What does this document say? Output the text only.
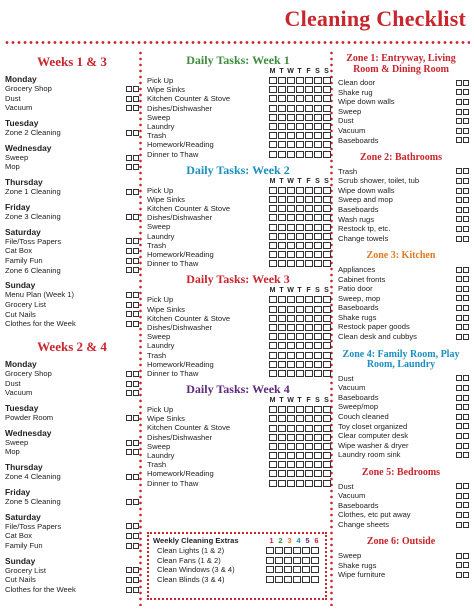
Cleaning Checklist
Weeks 1 & 3
Monday
Grocery Shop
Dust
Vacuum
Tuesday
Zone 2 Cleaning
Wednesday
Sweep
Mop
Thursday
Zone 1 Cleaning
Friday
Zone 3 Cleaning
Saturday
File/Toss Papers
Cat Box
Family Fun
Zone 6 Cleaning
Sunday
Menu Plan (Week 1)
Grocery List
Cut Nails
Clothes for the Week
Weeks 2 & 4
Monday
Grocery Shop
Dust
Vacuum
Tuesday
Powder Room
Wednesday
Sweep
Mop
Thursday
Zone 4 Cleaning
Friday
Zone 5 Cleaning
Saturday
File/Toss Papers
Cat Box
Family Fun
Sunday
Grocery List
Cut Nails
Clothes for the Week
Daily Tasks: Week 1
M T W T F S S
Pick Up
Wipe Sinks
Kitchen Counter & Stove
Dishes/Dishwasher
Sweep
Laundry
Trash
Homework/Reading
Dinner to Thaw
Daily Tasks: Week 2
M T W T F S S
Pick Up
Wipe Sinks
Kitchen Counter & Stove
Dishes/Dishwasher
Sweep
Laundry
Trash
Homework/Reading
Dinner to Thaw
Daily Tasks: Week 3
M T W T F S S
Pick Up
Wipe Sinks
Kitchen Counter & Stove
Dishes/Dishwasher
Sweep
Laundry
Trash
Homework/Reading
Dinner to Thaw
Daily Tasks: Week 4
M T W T F S S
Pick Up
Wipe Sinks
Kitchen Counter & Stove
Dishes/Dishwasher
Sweep
Laundry
Trash
Homework/Reading
Dinner to Thaw
Zone 1: Entryway, Living Room & Dining Room
Clean door
Shake rug
Wipe down walls
Sweep
Dust
Vacuum
Baseboards
Zone 2: Bathrooms
Trash
Scrub shower, toilet, tub
Wipe down walls
Sweep and mop
Baseboards
Wash rugs
Restock tp, etc.
Change towels
Zone 3: Kitchen
Appliances
Cabinet fronts
Patio door
Sweep, mop
Baseboards
Shake rugs
Restock paper goods
Clean desk and cubbys
Zone 4: Family Room, Play Room, Laundry
Dust
Vacuum
Baseboards
Sweep/mop
Couch cleaned
Toy closet organized
Clear computer desk
Wipe washer & dryer
Laundry room sink
Zone 5: Bedrooms
Dust
Vacuum
Baseboards
Clothes, etc put away
Change sheets
Zone 6: Outside
Sweep
Shake rugs
Wipe furniture
Weekly Cleaning Extras	1 2 3 4 5 6
Clean Lights (1 & 2)
Clean Fans (1 & 2)
Clean Windows (3 & 4)
Clean Blinds (3 & 4)
